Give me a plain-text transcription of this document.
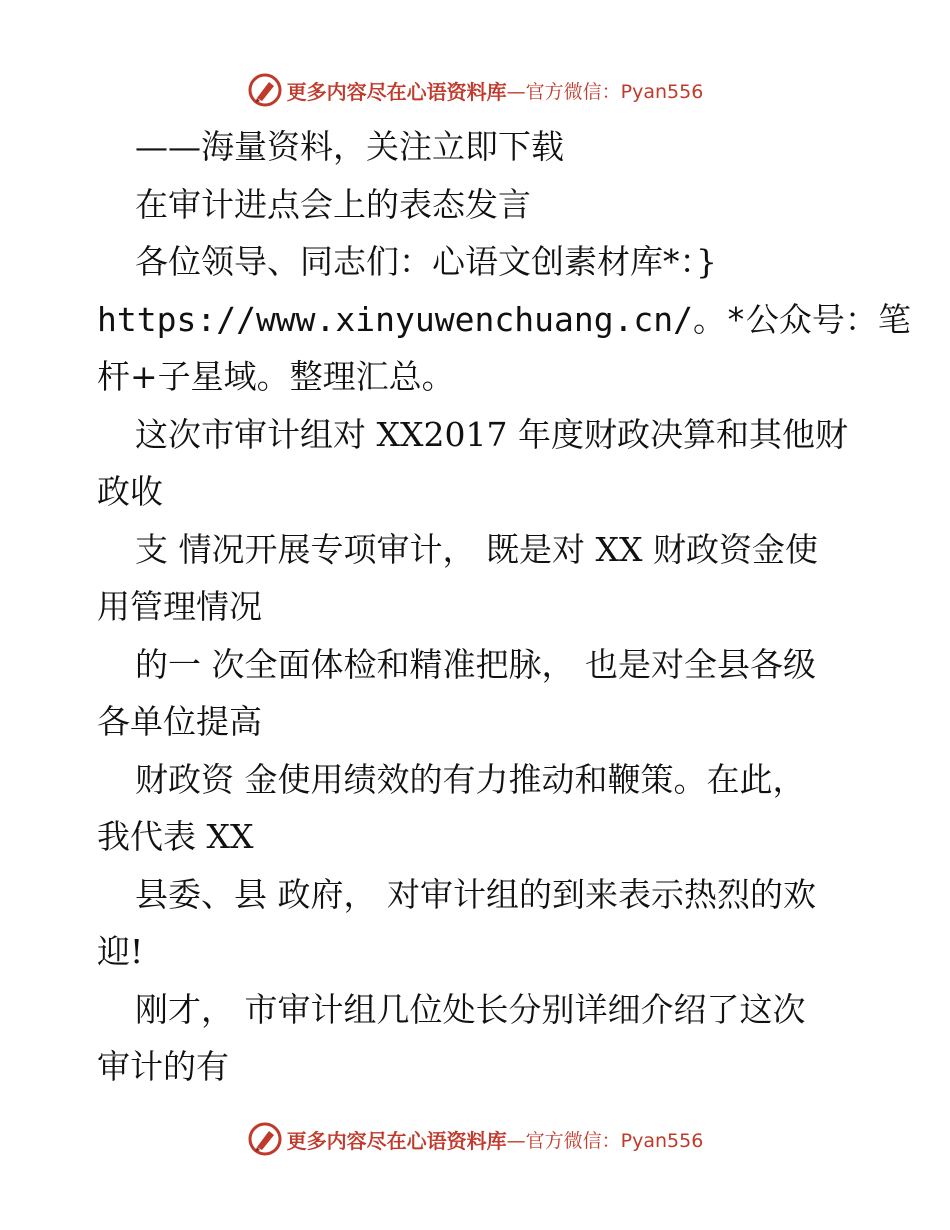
更多内容尽在心语资料库 —官方微信：Pyan556
——海量资料，关注立即下载
在审计进点会上的表态发言
各位领导、同志们：心语文创素材库*：}
https://www.xinyuwenchuang.cn/。*公众号：笔
杆+子星域。整理汇总。
这次市审计组对 XX2017 年度财政决算和其他财
政收
支 情况开展专项审计， 既是对 XX 财政资金使
用管理情况
的一 次全面体检和精准把脉， 也是对全县各级
各单位提高
财政资 金使用绩效的有力推动和鞭策。在此，
我代表 XX
县委、县 政府， 对审计组的到来表示热烈的欢
迎!
刚才， 市审计组几位处长分别详细介绍了这次
审计的有
更多内容尽在心语资料库 —官方微信：Pyan556
